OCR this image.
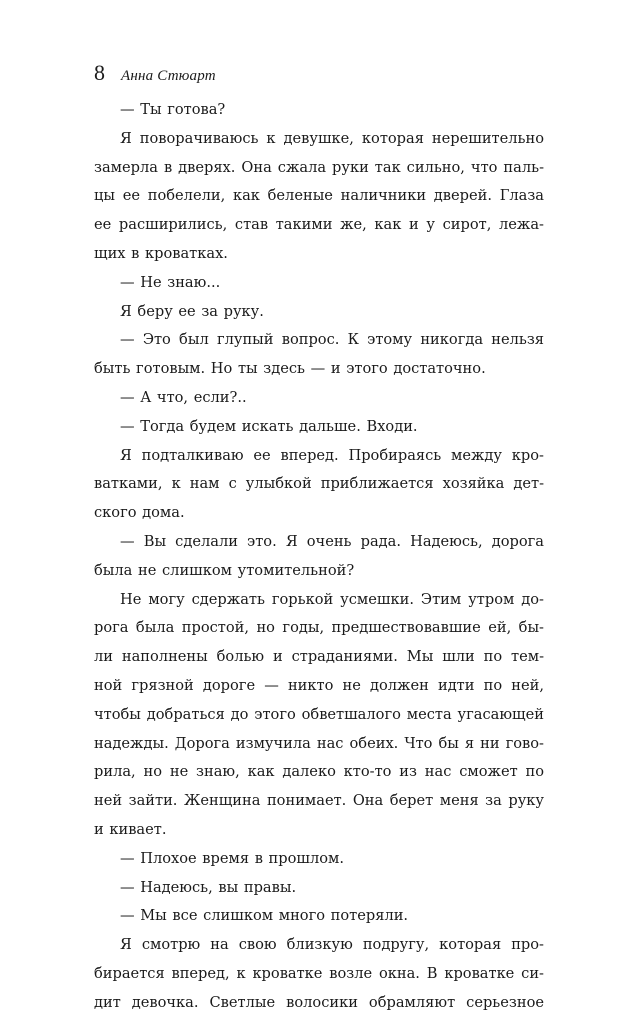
8 Анна Стюарт
— Ты готова?
Я поворачиваюсь к девушке, которая нерешительно
замерла в дверях. Она сжала руки так сильно, что паль-
цы ее побелели, как беленые наличники дверей. Глаза
ее расширились, став такими же, как и у сирот, лежа-
щих в кроватках.
— Не знаю...
Я беру ее за руку.
— Это был глупый вопрос. К этому никогда нельзя
быть готовым. Но ты здесь — и этого достаточно.
— А что, если?..
— Тогда будем искать дальше. Входи.
Я подталкиваю ее вперед. Пробираясь между кро-
ватками, к нам с улыбкой приближается хозяйка дет-
ского дома.
— Вы сделали это. Я очень рада. Надеюсь, дорога
была не слишком утомительной?
Не могу сдержать горькой усмешки. Этим утром до-
рога была простой, но годы, предшествовавшие ей, бы-
ли наполнены болью и страданиями. Мы шли по тем-
ной грязной дороге — никто не должен идти по ней,
чтобы добраться до этого обветшалого места угасающей
надежды. Дорога измучила нас обеих. Что бы я ни гово-
рила, но не знаю, как далеко кто-то из нас сможет по
ней зайти. Женщина понимает. Она берет меня за руку
и кивает.
— Плохое время в прошлом.
— Надеюсь, вы правы.
— Мы все слишком много потеряли.
Я смотрю на свою близкую подругу, которая про-
бирается вперед, к кроватке возле окна. В кроватке си-
дит девочка. Светлые волосики обрамляют серьезное
